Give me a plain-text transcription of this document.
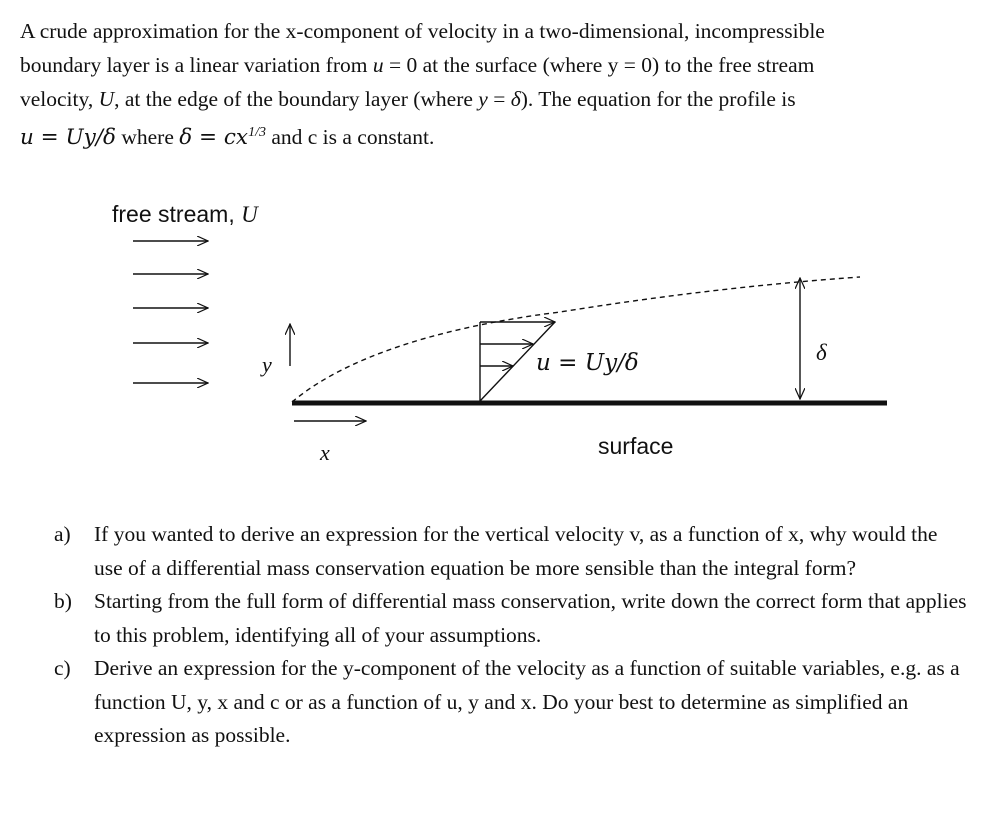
A crude approximation for the x-component of velocity in a two-dimensional, incompressible
boundary layer is a linear variation from u = 0 at the surface (where y = 0) to the free stream
velocity, U, at the edge of the boundary layer (where y = δ). The equation for the profile is
u = Uy/δ where $\delta = cx^{1/3}$ and c is a constant.
free stream, U
y
x
u = Uy/δ	δ
surface
a) If you wanted to derive an expression for the vertical velocity v, as a function of x, why would the use of a differential mass conservation equation be more sensible than the integral form?
b) Starting from the full form of differential mass conservation, write down the correct form that applies to this problem, identifying all of your assumptions.
c) Derive an expression for the y-component of the velocity as a function of suitable variables, e.g. as a function U, y, x and c or as a function of u, y and x. Do your best to determine as simplified an expression as possible.
